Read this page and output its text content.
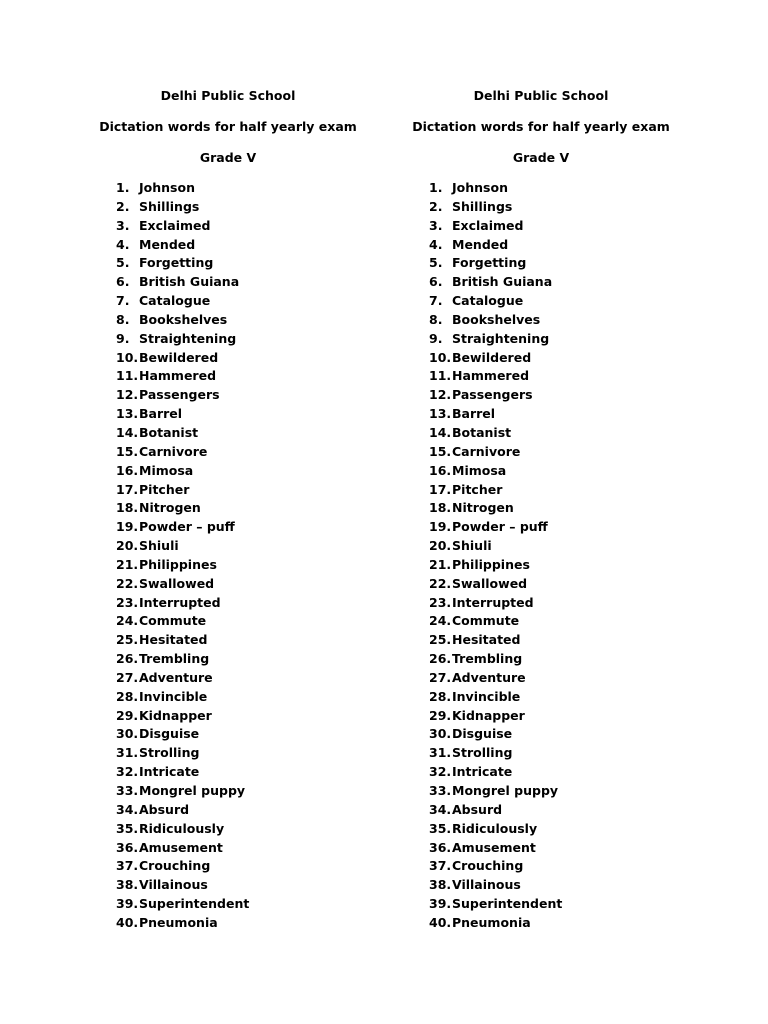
Delhi Public School

Dictation words for half yearly exam

Grade V

1. Johnson
2. Shillings
3. Exclaimed
4. Mended
5. Forgetting
6. British Guiana
7. Catalogue
8. Bookshelves
9. Straightening
10. Bewildered
11. Hammered
12. Passengers
13. Barrel
14. Botanist
15. Carnivore
16. Mimosa
17. Pitcher
18. Nitrogen
19. Powder – puff
20. Shiuli
21. Philippines
22. Swallowed
23. Interrupted
24. Commute
25. Hesitated
26. Trembling
27. Adventure
28. Invincible
29. Kidnapper
30. Disguise
31. Strolling
32. Intricate
33. Mongrel puppy
34. Absurd
35. Ridiculously
36. Amusement
37. Crouching
38. Villainous
39. Superintendent
40. Pneumonia

Delhi Public School

Dictation words for half yearly exam

Grade V

1. Johnson
2. Shillings
3. Exclaimed
4. Mended
5. Forgetting
6. British Guiana
7. Catalogue
8. Bookshelves
9. Straightening
10. Bewildered
11. Hammered
12. Passengers
13. Barrel
14. Botanist
15. Carnivore
16. Mimosa
17. Pitcher
18. Nitrogen
19. Powder – puff
20. Shiuli
21. Philippines
22. Swallowed
23. Interrupted
24. Commute
25. Hesitated
26. Trembling
27. Adventure
28. Invincible
29. Kidnapper
30. Disguise
31. Strolling
32. Intricate
33. Mongrel puppy
34. Absurd
35. Ridiculously
36. Amusement
37. Crouching
38. Villainous
39. Superintendent
40. Pneumonia
